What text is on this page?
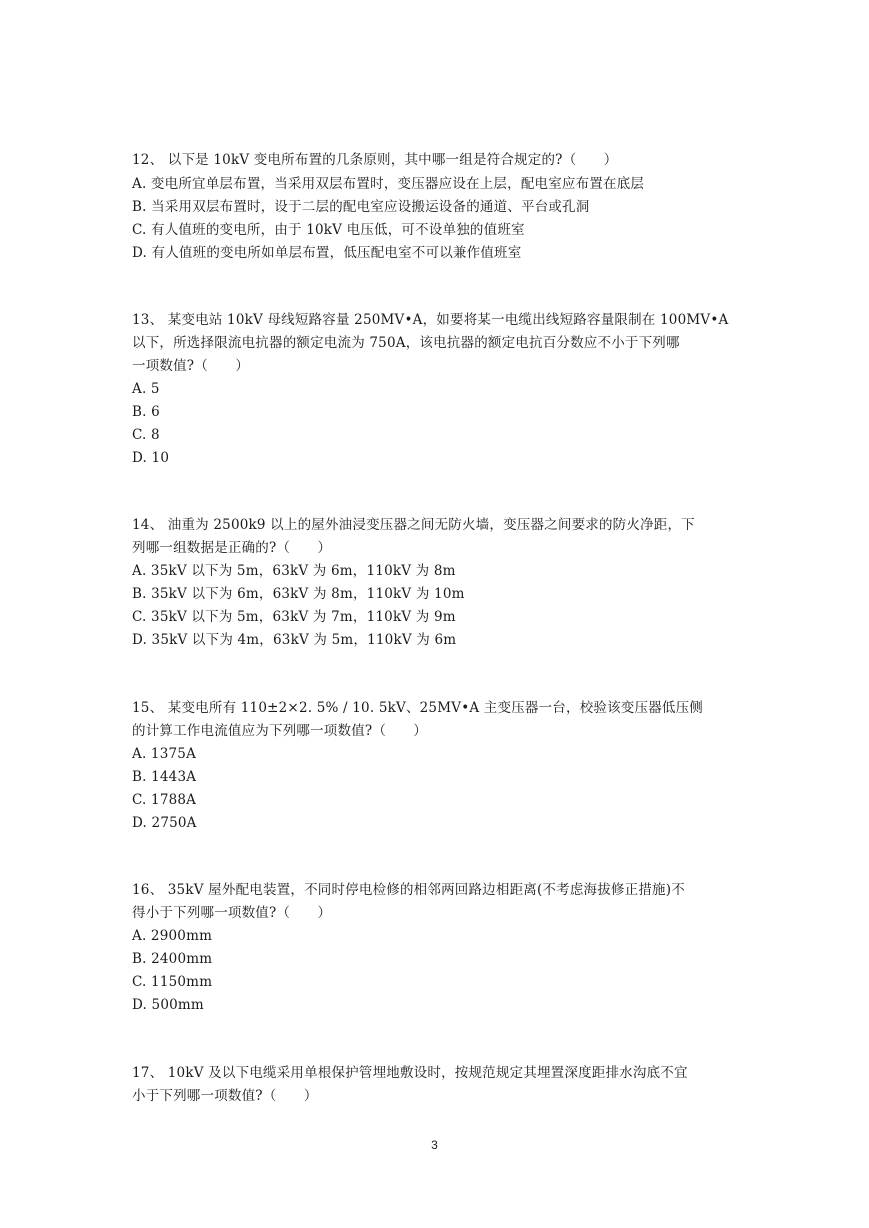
12、 以下是 10kV 变电所布置的几条原则，其中哪一组是符合规定的?（　　）
A. 变电所宜单层布置，当采用双层布置时，变压器应设在上层，配电室应布置在底层
B. 当采用双层布置时，设于二层的配电室应设搬运设备的通道、平台或孔洞
C. 有人值班的变电所，由于 10kV 电压低，可不设单独的值班室
D. 有人值班的变电所如单层布置，低压配电室不可以兼作值班室
13、 某变电站 10kV 母线短路容量 250MV•A，如要将某一电缆出线短路容量限制在 100MV•A
以下，所选择限流电抗器的额定电流为 750A，该电抗器的额定电抗百分数应不小于下列哪
一项数值?（　　）
A. 5
B. 6
C. 8
D. 10
14、 油重为 2500k9 以上的屋外油浸变压器之间无防火墙，变压器之间要求的防火净距，下
列哪一组数据是正确的?（　　）
A. 35kV 以下为 5m，63kV 为 6m，110kV 为 8m
B. 35kV 以下为 6m，63kV 为 8m，110kV 为 10m
C. 35kV 以下为 5m，63kV 为 7m，110kV 为 9m
D. 35kV 以下为 4m，63kV 为 5m，110kV 为 6m
15、 某变电所有 110±2×2. 5% / 10. 5kV、25MV•A 主变压器一台，校验该变压器低压侧
的计算工作电流值应为下列哪一项数值?（　　）
A. 1375A
B. 1443A
C. 1788A
D. 2750A
16、 35kV 屋外配电装置，不同时停电检修的相邻两回路边相距离(不考虑海拔修正措施)不
得小于下列哪一项数值?（　　）
A. 2900mm
B. 2400mm
C. 1150mm
D. 500mm
17、 10kV 及以下电缆采用单根保护管埋地敷设时，按规范规定其埋置深度距排水沟底不宜
小于下列哪一项数值?（　　）
3
